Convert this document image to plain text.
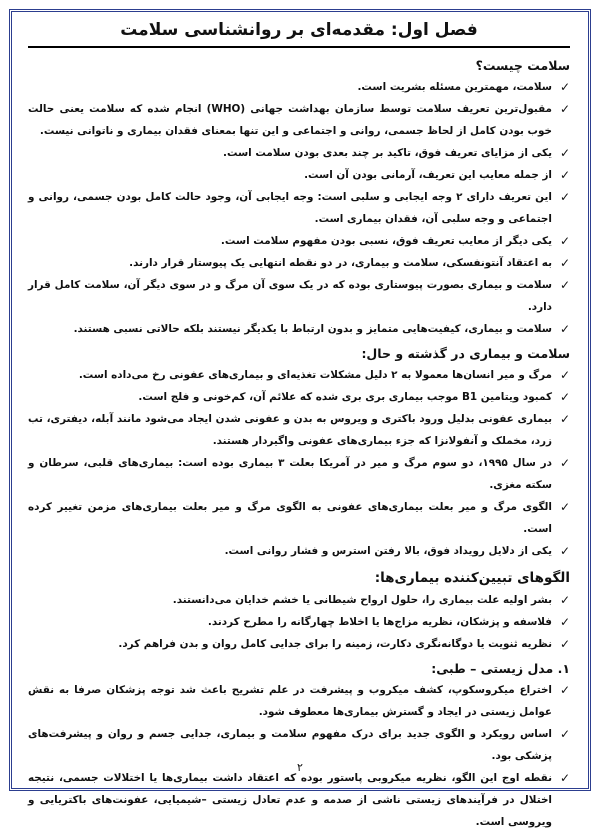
فصل اول: مقدمه‌ای بر روانشناسی سلامت
سلامت چیست؟
✓
سلامت، مهمترین مسئله بشریت است.
✓
مقبول‌ترین تعریف سلامت توسط سازمان بهداشت جهانی (WHO) انجام شده که سلامت یعنی حالت خوب بودن کامل از لحاظ جسمی، روانی و اجتماعی و این تنها بمعنای فقدان بیماری و ناتوانی نیست.
✓
یکی از مزایای تعریف فوق، تاکید بر چند بعدی بودن سلامت است.
✓
از جمله معایب این تعریف، آرمانی بودن آن است.
✓
این تعریف دارای ۲ وجه ایجابی و سلبی است: وجه ایجابی آن، وجود حالت کامل بودن جسمی، روانی و اجتماعی و وجه سلبی آن، فقدان بیماری است.
✓
یکی دیگر از معایب تعریف فوق، نسبی بودن مفهوم سلامت است.
✓
به اعتقاد آنتونفسکی، سلامت و بیماری، در دو نقطه انتهایی یک پیوستار قرار دارند.
✓
سلامت و بیماری بصورت پیوستاری بوده که در یک سوی آن مرگ و در سوی دیگر آن، سلامت کامل قرار دارد.
✓
سلامت و بیماری، کیفیت‌هایی متمایز و بدون ارتباط با یکدیگر نیستند بلکه حالاتی نسبی هستند.
سلامت و بیماری در گذشته و حال:
✓
مرگ و میر انسان‌ها معمولا به ۲ دلیل مشکلات تغذیه‌ای و بیماری‌های عفونی رخ می‌داده است.
✓
کمبود ویتامین B1 موجب بیماری بری بری شده که علائم آن، کم‌خونی و فلج است.
✓
بیماری عفونی بدلیل ورود باکتری و ویروس به بدن و عفونی شدن ایجاد می‌شود مانند آبله، دیفتری، تب زرد، مخملک و آنفولانزا که جزء بیماری‌های عفونی واگیردار هستند.
✓
در سال ۱۹۹۵، دو سوم مرگ و میر در آمریکا بعلت ۳ بیماری بوده است: بیماری‌های قلبی، سرطان و سکته مغزی.
✓
الگوی مرگ و میر بعلت بیماری‌های عفونی به الگوی مرگ و میر بعلت بیماری‌های مزمن تغییر کرده است.
✓
یکی از دلایل رویداد فوق، بالا رفتن استرس و فشار روانی است.
الگوهای تبیین‌کننده بیماری‌ها:
✓
بشر اولیه علت بیماری را، حلول ارواح شیطانی یا خشم خدایان می‌دانستند.
✓
فلاسفه و پزشکان، نظریه مزاج‌ها یا اخلاط چهارگانه را مطرح کردند.
✓
نظریه ثنویت یا دوگانه‌نگری دکارت، زمینه را برای جدایی کامل روان و بدن فراهم کرد.
۱. مدل زیستی – طبی:
✓
اختراع میکروسکوپ، کشف میکروب و پیشرفت در علم تشریح باعث شد توجه پزشکان صرفا به نقش عوامل زیستی در ایجاد و گسترش بیماری‌ها معطوف شود.
✓
اساس رویکرد و الگوی جدید برای درک مفهوم سلامت و بیماری، جدایی جسم و روان و پیشرفت‌های پزشکی بود.
✓
نقطه اوج این الگو، نظریه میکروبی پاستور بوده که اعتقاد داشت بیماری‌ها یا اختلالات جسمی، نتیجه اختلال در فرآیندهای زیستی ناشی از صدمه و عدم تعادل زیستی –شیمیایی، عفونت‌های باکتریایی و ویروسی است.
۲
